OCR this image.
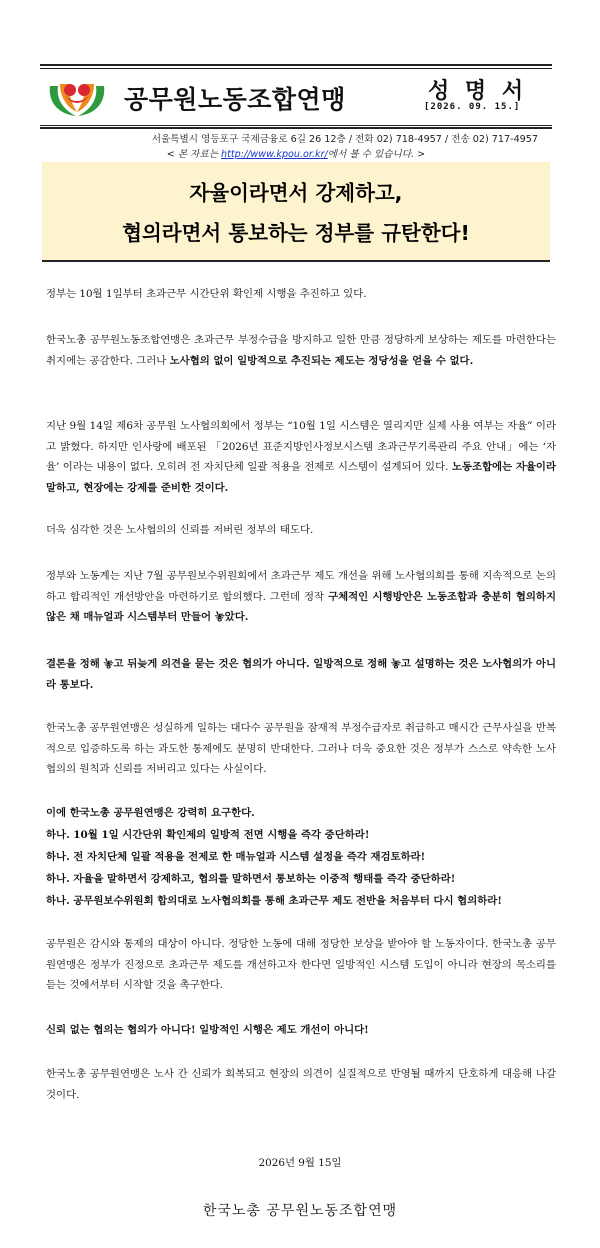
공무원노동조합연맹	성 명 서
[2026. 09. 15.]
서울특별시 영등포구 국제금융로 6길 26 12층 / 전화 02) 718-4957 / 전송 02) 717-4957
< 본 자료는 http://www.kpou.or.kr/에서 볼 수 있습니다. >
자율이라면서 강제하고,
협의라면서 통보하는 정부를 규탄한다!
정부는 10월 1일부터 초과근무 시간단위 확인제 시행을 추진하고 있다.
한국노총 공무원노동조합연맹은 초과근무 부정수급을 방지하고 일한 만큼 정당하게 보상하는 제도를 마련한다는 취지에는 공감한다. 그러나 노사협의 없이 일방적으로 추진되는 제도는 정당성을 얻을 수 없다.
지난 9월 14일 제6차 공무원 노사협의회에서 정부는 “10월 1일 시스템은 열리지만 실제 사용 여부는 자율” 이라고 밝혔다. 하지만 인사랑에 배포된 「2026년 표준지방인사정보시스템 초과근무기록관리 주요 안내」에는 ‘자율’ 이라는 내용이 없다. 오히려 전 자치단체 일괄 적용을 전제로 시스템이 설계되어 있다. 노동조합에는 자율이라 말하고, 현장에는 강제를 준비한 것이다.
더욱 심각한 것은 노사협의의 신뢰를 저버린 정부의 태도다.
정부와 노동계는 지난 7월 공무원보수위원회에서 초과근무 제도 개선을 위해 노사협의회를 통해 지속적으로 논의하고 합리적인 개선방안을 마련하기로 합의했다. 그런데 정작 구체적인 시행방안은 노동조합과 충분히 협의하지 않은 채 매뉴얼과 시스템부터 만들어 놓았다.
결론을 정해 놓고 뒤늦게 의견을 묻는 것은 협의가 아니다. 일방적으로 정해 놓고 설명하는 것은 노사협의가 아니라 통보다.
한국노총 공무원연맹은 성실하게 일하는 대다수 공무원을 잠재적 부정수급자로 취급하고 매시간 근무사실을 반복적으로 입증하도록 하는 과도한 통제에도 분명히 반대한다. 그러나 더욱 중요한 것은 정부가 스스로 약속한 노사협의의 원칙과 신뢰를 저버리고 있다는 사실이다.
이에 한국노총 공무원연맹은 강력히 요구한다.
하나. 10월 1일 시간단위 확인제의 일방적 전면 시행을 즉각 중단하라!
하나. 전 자치단체 일괄 적용을 전제로 한 매뉴얼과 시스템 설정을 즉각 재검토하라!
하나. 자율을 말하면서 강제하고, 협의를 말하면서 통보하는 이중적 행태를 즉각 중단하라!
하나. 공무원보수위원회 합의대로 노사협의회를 통해 초과근무 제도 전반을 처음부터 다시 협의하라!
공무원은 감시와 통제의 대상이 아니다. 정당한 노동에 대해 정당한 보상을 받아야 할 노동자이다. 한국노총 공무원연맹은 정부가 진정으로 초과근무 제도를 개선하고자 한다면 일방적인 시스템 도입이 아니라 현장의 목소리를 듣는 것에서부터 시작할 것을 촉구한다.
신뢰 없는 협의는 협의가 아니다! 일방적인 시행은 제도 개선이 아니다!
한국노총 공무원연맹은 노사 간 신뢰가 회복되고 현장의 의견이 실질적으로 반영될 때까지 단호하게 대응해 나갈 것이다.
2026년 9월 15일
한국노총 공무원노동조합연맹
